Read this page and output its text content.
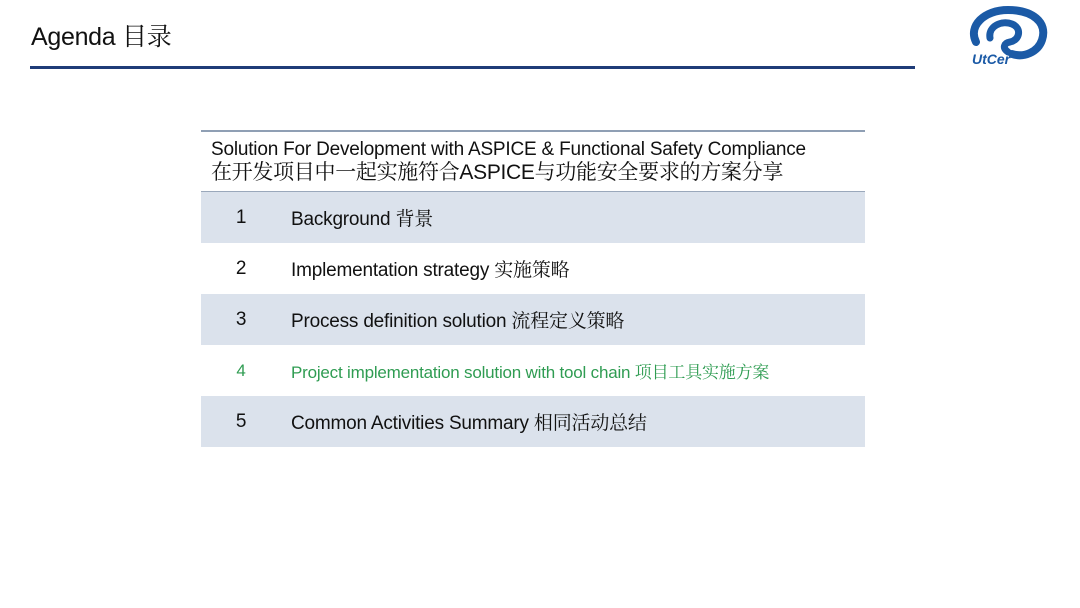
Agenda 目录
UtCer
Solution For Development with ASPICE & Functional Safety Compliance
在开发项目中一起实施符合ASPICE与功能安全要求的方案分享
1	Background 背景
2	Implementation strategy 实施策略
3	Process definition solution 流程定义策略
4	Project implementation solution with tool chain 项目工具实施方案
5	Common Activities Summary 相同活动总结
